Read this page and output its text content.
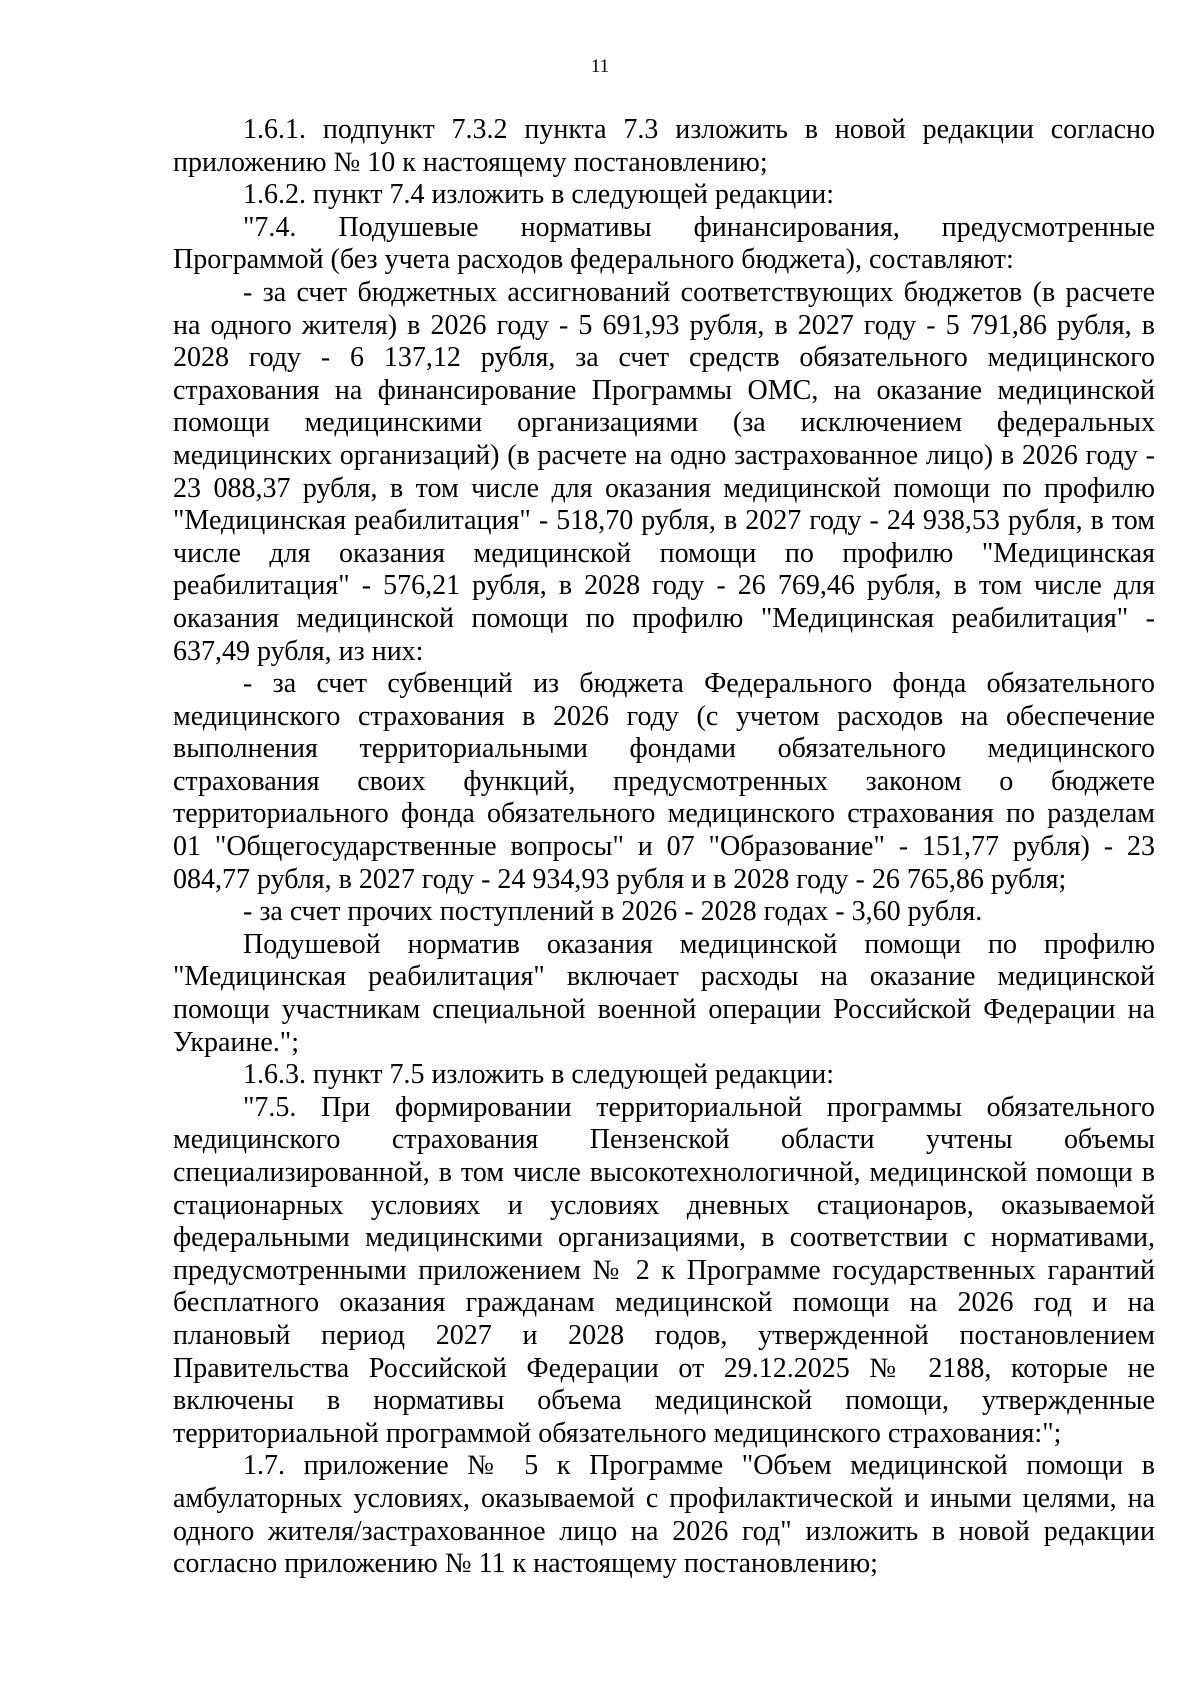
11

1.6.1. подпункт 7.3.2 пункта 7.3 изложить в новой редакции согласно приложению № 10 к настоящему постановлению;

1.6.2. пункт 7.4 изложить в следующей редакции:

"7.4. Подушевые нормативы финансирования, предусмотренные Программой (без учета расходов федерального бюджета), составляют:

- за счет бюджетных ассигнований соответствующих бюджетов (в расчете на одного жителя) в 2026 году - 5 691,93 рубля, в 2027 году - 5 791,86 рубля, в 2028 году - 6 137,12 рубля, за счет средств обязательного медицинского страхования на финансирование Программы ОМС, на оказание медицинской помощи медицинскими организациями (за исключением федеральных медицинских организаций) (в расчете на одно застрахованное лицо) в 2026 году - 23 088,37 рубля, в том числе для оказания медицинской помощи по профилю "Медицинская реабилитация" - 518,70 рубля, в 2027 году - 24 938,53 рубля, в том числе для оказания медицинской помощи по профилю "Медицинская реабилитация" - 576,21 рубля, в 2028 году - 26 769,46 рубля, в том числе для оказания медицинской помощи по профилю "Медицинская реабилитация" - 637,49 рубля, из них:

- за счет субвенций из бюджета Федерального фонда обязательного медицинского страхования в 2026 году (с учетом расходов на обеспечение выполнения территориальными фондами обязательного медицинского страхования своих функций, предусмотренных законом о бюджете территориального фонда обязательного медицинского страхования по разделам 01 "Общегосударственные вопросы" и 07 "Образование" - 151,77 рубля) - 23 084,77 рубля, в 2027 году - 24 934,93 рубля и в 2028 году - 26 765,86 рубля;

- за счет прочих поступлений в 2026 - 2028 годах - 3,60 рубля.

Подушевой норматив оказания медицинской помощи по профилю "Медицинская реабилитация" включает расходы на оказание медицинской помощи участникам специальной военной операции Российской Федерации на Украине.";

1.6.3. пункт 7.5 изложить в следующей редакции:

"7.5. При формировании территориальной программы обязательного медицинского страхования Пензенской области учтены объемы специализированной, в том числе высокотехнологичной, медицинской помощи в стационарных условиях и условиях дневных стационаров, оказываемой федеральными медицинскими организациями, в соответствии с нормативами, предусмотренными приложением № 2 к Программе государственных гарантий бесплатного оказания гражданам медицинской помощи на 2026 год и на плановый период 2027 и 2028 годов, утвержденной постановлением Правительства Российской Федерации от 29.12.2025 № 2188, которые не включены в нормативы объема медицинской помощи, утвержденные территориальной программой обязательного медицинского страхования:";

1.7. приложение № 5 к Программе "Объем медицинской помощи в амбулаторных условиях, оказываемой с профилактической и иными целями, на одного жителя/застрахованное лицо на 2026 год" изложить в новой редакции согласно приложению № 11 к настоящему постановлению;
